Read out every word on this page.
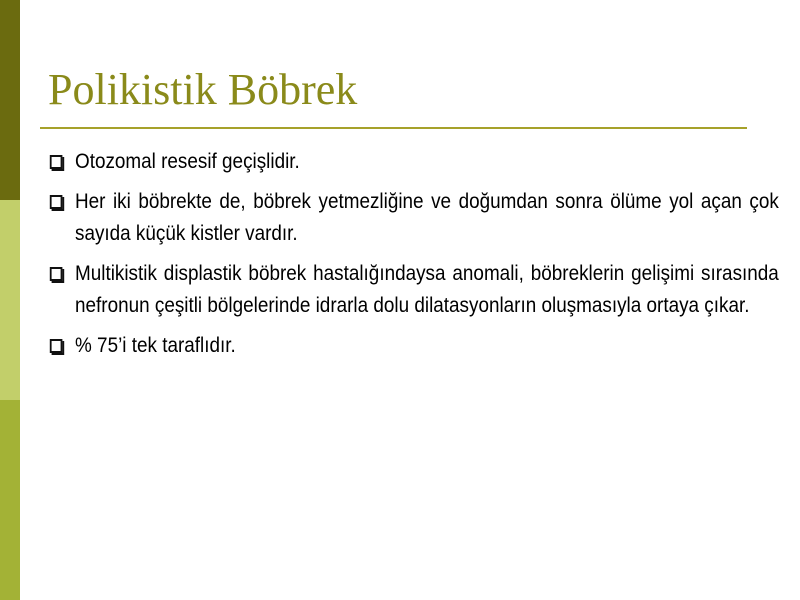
Polikistik Böbrek
Otozomal resesif geçişlidir.
Her iki böbrekte de, böbrek yetmezliğine ve doğumdan sonra ölüme yol açan çok sayıda küçük kistler vardır.
Multikistik displastik böbrek hastalığındaysa anomali, böbreklerin gelişimi sırasında nefronun çeşitli bölgelerinde idrarla dolu dilatasyonların oluşmasıyla ortaya çıkar.
% 75’i tek taraflıdır.
